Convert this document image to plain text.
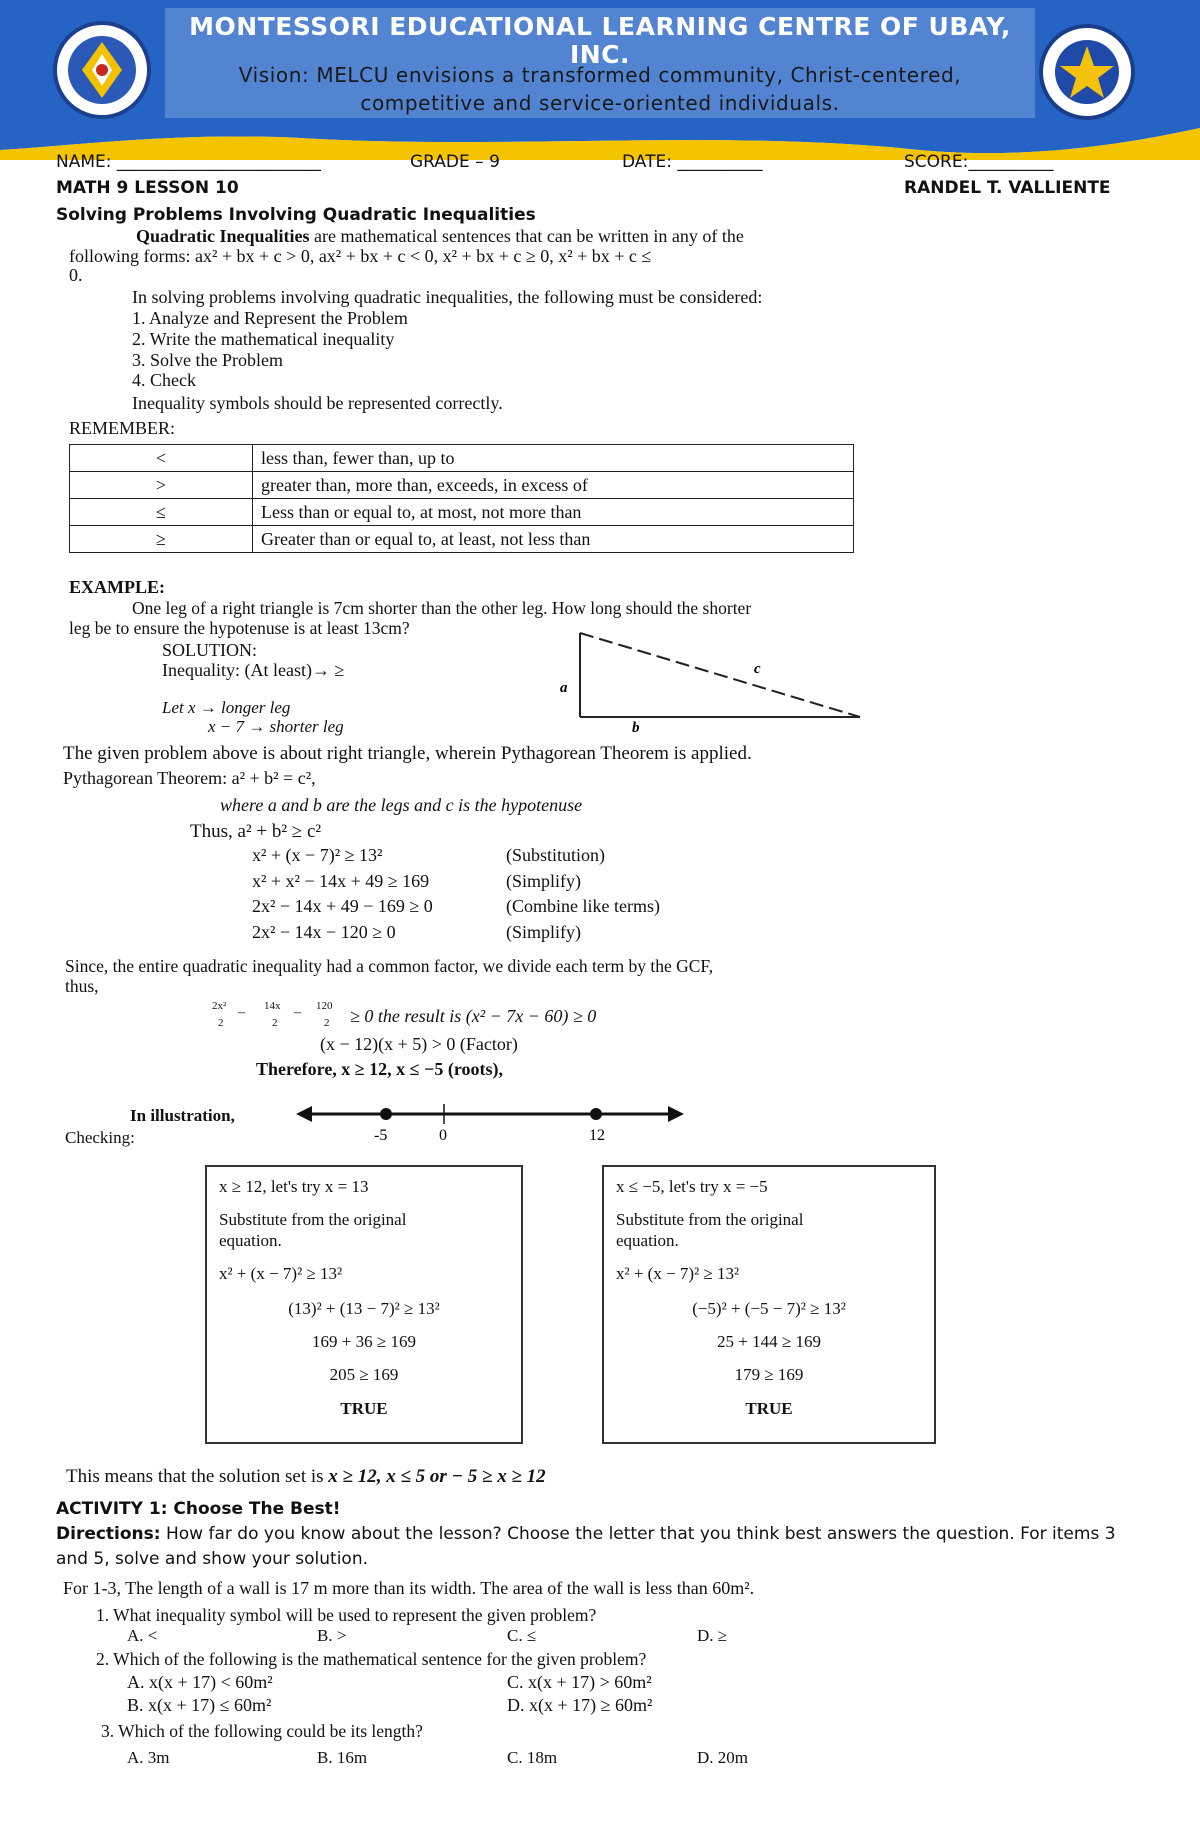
MONTESSORI EDUCATIONAL LEARNING CENTRE OF UBAY,
INC.
Vision: MELCU envisions a transformed community, Christ-centered,
competitive and service-oriented individuals.
NAME: ________________________	GRADE – 9	DATE: __________	SCORE:__________
MATH 9 LESSON 10	RANDEL T. VALLIENTE
Solving Problems Involving Quadratic Inequalities
Quadratic Inequalities are mathematical sentences that can be written in any of the
following forms: ax² + bx + c > 0, ax² + bx + c < 0, x² + bx + c ≥ 0, x² + bx + c ≤
0.
In solving problems involving quadratic inequalities, the following must be considered:
1. Analyze and Represent the Problem
2. Write the mathematical inequality
3. Solve the Problem
4. Check
Inequality symbols should be represented correctly.
REMEMBER:
<	less than, fewer than, up to
>	greater than, more than, exceeds, in excess of
≤	Less than or equal to, at most, not more than
≥	Greater than or equal to, at least, not less than
EXAMPLE:
One leg of a right triangle is 7cm shorter than the other leg. How long should the shorter
leg be to ensure the hypotenuse is at least 13cm?
SOLUTION:
Inequality: (At least)→ ≥
Let x → longer leg
x − 7 → shorter leg
a
c
b
The given problem above is about right triangle, wherein Pythagorean Theorem is applied.
Pythagorean Theorem: a² + b² = c²,
where a and b are the legs and c is the hypotenuse
Thus, a² + b² ≥ c²
x² + (x − 7)² ≥ 13²	(Substitution)
x² + x² − 14x + 49 ≥ 169	(Simplify)
2x² − 14x + 49 − 169 ≥ 0	(Combine like terms)
2x² − 14x − 120 ≥ 0	(Simplify)
Since, the entire quadratic inequality had a common factor, we divide each term by the GCF,
thus,
2x²
2
– 14x
2
– 120
2 ≥ 0 the result is (x² − 7x − 60) ≥ 0
(x − 12)(x + 5) > 0 (Factor)
Therefore, x ≥ 12, x ≤ −5 (roots),
In illustration,
Checking:	-5	0	12
x ≥ 12, let's try x = 13
Substitute from the original
equation.
x² + (x − 7)² ≥ 13²
(13)² + (13 − 7)² ≥ 13²
169 + 36 ≥ 169
205 ≥ 169
TRUE
x ≤ −5, let's try x = −5
Substitute from the original
equation.
x² + (x − 7)² ≥ 13²
(−5)² + (−5 − 7)² ≥ 13²
25 + 144 ≥ 169
179 ≥ 169
TRUE
This means that the solution set is x ≥ 12, x ≤ 5 or − 5 ≥ x ≥ 12
ACTIVITY 1: Choose The Best!
Directions: How far do you know about the lesson? Choose the letter that you think best answers the question. For items 3
and 5, solve and show your solution.
For 1-3, The length of a wall is 17 m more than its width. The area of the wall is less than 60m².
1. What inequality symbol will be used to represent the given problem?
A. <	B. >	C. ≤	D. ≥
2. Which of the following is the mathematical sentence for the given problem?
A. x(x + 17) < 60m²	C. x(x + 17) > 60m²
B. x(x + 17) ≤ 60m²	D. x(x + 17) ≥ 60m²
3. Which of the following could be its length?
A. 3m	B. 16m	C. 18m	D. 20m
